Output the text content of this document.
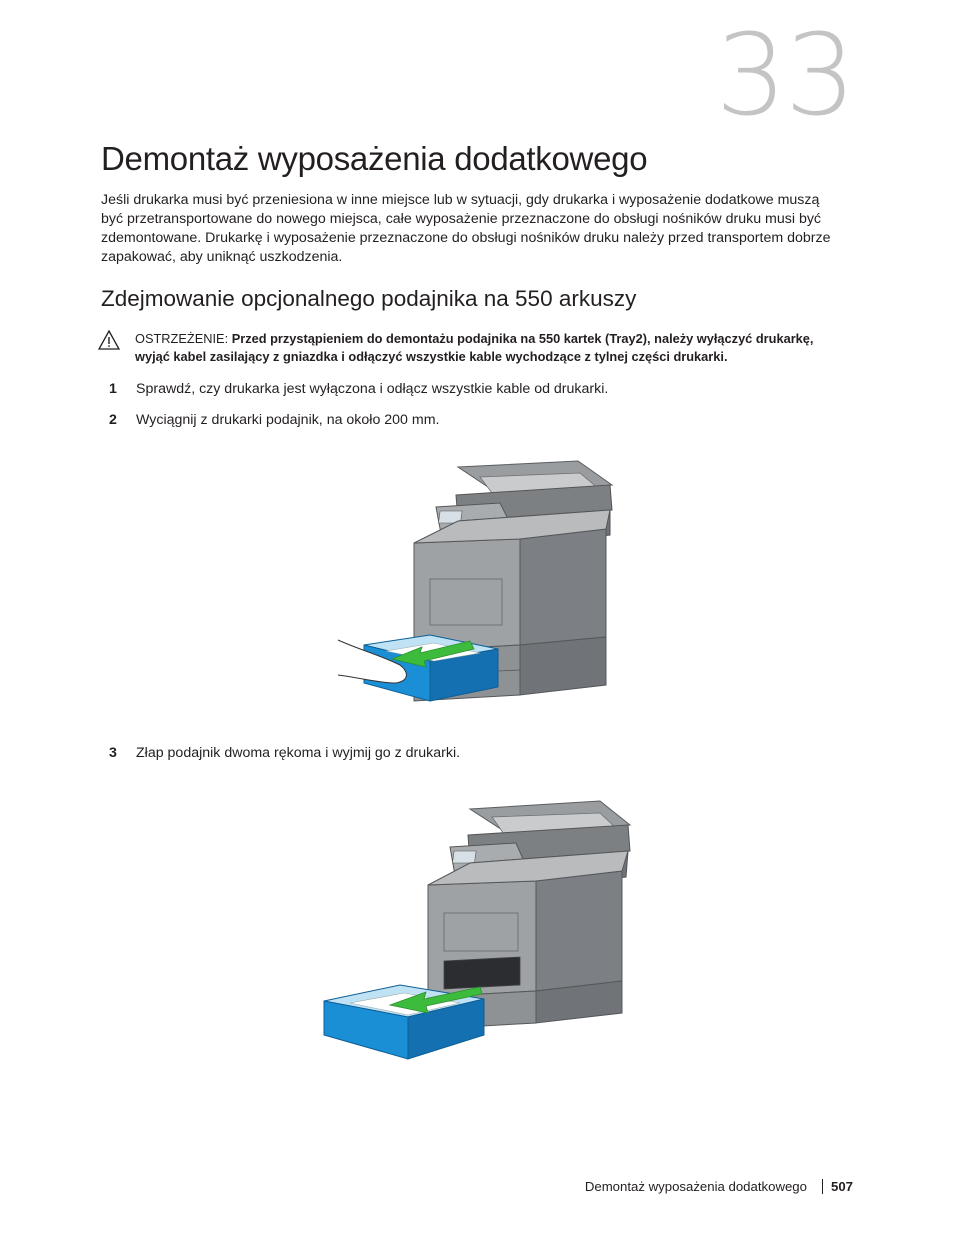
33
Demontaż wyposażenia dodatkowego

Jeśli drukarka musi być przeniesiona w inne miejsce lub w sytuacji, gdy drukarka i wyposażenie dodatkowe muszą być przetransportowane do nowego miejsca, całe wyposażenie przeznaczone do obsługi nośników druku musi być zdemontowane. Drukarkę i wyposażenie przeznaczone do obsługi nośników druku należy przed transportem dobrze zapakować, aby uniknąć uszkodzenia.

Zdejmowanie opcjonalnego podajnika na 550 arkuszy
OSTRZEŻENIE: Przed przystąpieniem do demontażu podajnika na 550 kartek (Tray2), należy wyłączyć drukarkę, wyjąć kabel zasilający z gniazdka i odłączyć wszystkie kable wychodzące z tylnej części drukarki.
1 Sprawdź, czy drukarka jest wyłączona i odłącz wszystkie kable od drukarki.
2 Wyciągnij z drukarki podajnik, na około 200 mm.
3 Złap podajnik dwoma rękoma i wyjmij go z drukarki.
Demontaż wyposażenia dodatkowego 507
